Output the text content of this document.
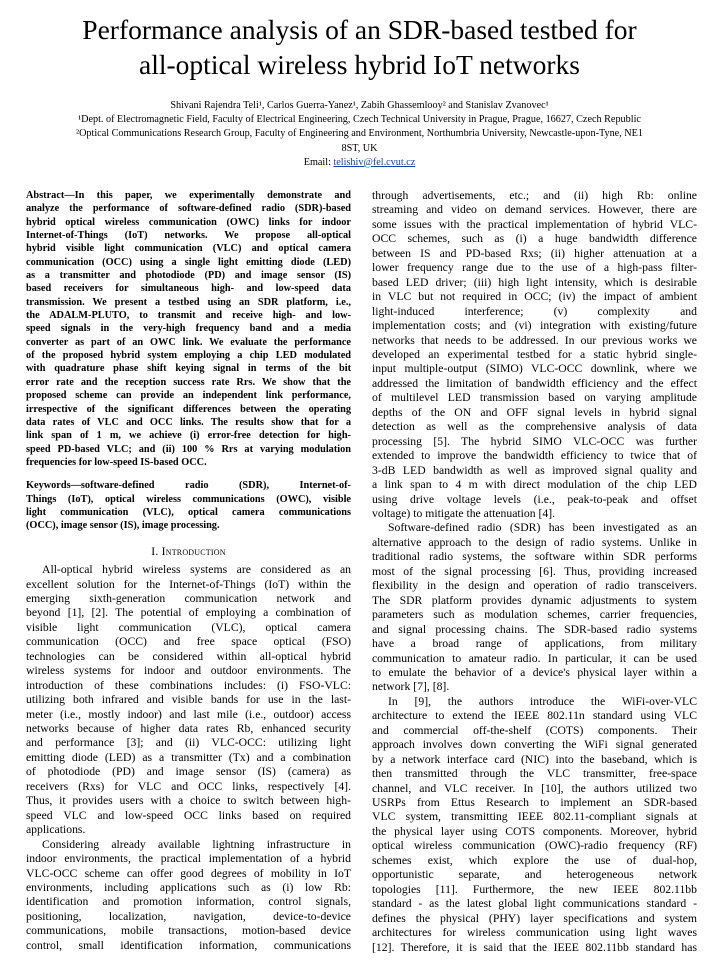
Performance analysis of an SDR-based testbed for
all-optical wireless hybrid IoT networks
Shivani Rajendra Teli¹, Carlos Guerra-Yanez¹, Zabih Ghassemlooy² and Stanislav Zvanovec¹
¹Dept. of Electromagnetic Field, Faculty of Electrical Engineering, Czech Technical University in Prague, Prague, 16627, Czech Republic
²Optical Communications Research Group, Faculty of Engineering and Environment, Northumbria University, Newcastle-upon-Tyne, NE1
8ST, UK
Email: telishiv@fel.cvut.cz
Abstract—In this paper, we experimentally demonstrate and
analyze the performance of software-defined radio (SDR)-based
hybrid optical wireless communication (OWC) links for indoor
Internet-of-Things (IoT) networks. We propose all-optical
hybrid visible light communication (VLC) and optical camera
communication (OCC) using a single light emitting diode (LED)
as a transmitter and photodiode (PD) and image sensor (IS)
based receivers for simultaneous high- and low-speed data
transmission. We present a testbed using an SDR platform, i.e.,
the ADALM-PLUTO, to transmit and receive high- and low-
speed signals in the very-high frequency band and a media
converter as part of an OWC link. We evaluate the performance
of the proposed hybrid system employing a chip LED modulated
with quadrature phase shift keying signal in terms of the bit
error rate and the reception success rate Rrs. We show that the
proposed scheme can provide an independent link performance,
irrespective of the significant differences between the operating
data rates of VLC and OCC links. The results show that for a
link span of 1 m, we achieve (i) error-free detection for high-
speed PD-based VLC; and (ii) 100 % Rrs at varying modulation
frequencies for low-speed IS-based OCC.
Keywords—software-defined radio (SDR), Internet-of-
Things (IoT), optical wireless communications (OWC), visible
light communication (VLC), optical camera communications
(OCC), image sensor (IS), image processing.
I. Introduction
All-optical hybrid wireless systems are considered as an
excellent solution for the Internet-of-Things (IoT) within the
emerging sixth-generation communication network and
beyond [1], [2]. The potential of employing a combination of
visible light communication (VLC), optical camera
communication (OCC) and free space optical (FSO)
technologies can be considered within all-optical hybrid
wireless systems for indoor and outdoor environments. The
introduction of these combinations includes: (i) FSO-VLC:
utilizing both infrared and visible bands for use in the last-
meter (i.e., mostly indoor) and last mile (i.e., outdoor) access
networks because of higher data rates Rb, enhanced security
and performance [3]; and (ii) VLC-OCC: utilizing light
emitting diode (LED) as a transmitter (Tx) and a combination
of photodiode (PD) and image sensor (IS) (camera) as
receivers (Rxs) for VLC and OCC links, respectively [4].
Thus, it provides users with a choice to switch between high-
speed VLC and low-speed OCC links based on required
applications.
Considering already available lightning infrastructure in
indoor environments, the practical implementation of a hybrid
VLC-OCC scheme can offer good degrees of mobility in IoT
environments, including applications such as (i) low Rb:
identification and promotion information, control signals,
positioning, localization, navigation, device-to-device
communications, mobile transactions, motion-based device
control, small identification information, communications
through advertisements, etc.; and (ii) high Rb: online
streaming and video on demand services. However, there are
some issues with the practical implementation of hybrid VLC-
OCC schemes, such as (i) a huge bandwidth difference
between IS and PD-based Rxs; (ii) higher attenuation at a
lower frequency range due to the use of a high-pass filter-
based LED driver; (iii) high light intensity, which is desirable
in VLC but not required in OCC; (iv) the impact of ambient
light-induced interference; (v) complexity and
implementation costs; and (vi) integration with existing/future
networks that needs to be addressed. In our previous works we
developed an experimental testbed for a static hybrid single-
input multiple-output (SIMO) VLC-OCC downlink, where we
addressed the limitation of bandwidth efficiency and the effect
of multilevel LED transmission based on varying amplitude
depths of the ON and OFF signal levels in hybrid signal
detection as well as the comprehensive analysis of data
processing [5]. The hybrid SIMO VLC-OCC was further
extended to improve the bandwidth efficiency to twice that of
3-dB LED bandwidth as well as improved signal quality and
a link span to 4 m with direct modulation of the chip LED
using drive voltage levels (i.e., peak-to-peak and offset
voltage) to mitigate the attenuation [4].
Software-defined radio (SDR) has been investigated as an
alternative approach to the design of radio systems. Unlike in
traditional radio systems, the software within SDR performs
most of the signal processing [6]. Thus, providing increased
flexibility in the design and operation of radio transceivers.
The SDR platform provides dynamic adjustments to system
parameters such as modulation schemes, carrier frequencies,
and signal processing chains. The SDR-based radio systems
have a broad range of applications, from military
communication to amateur radio. In particular, it can be used
to emulate the behavior of a device's physical layer within a
network [7], [8].
In [9], the authors introduce the WiFi-over-VLC
architecture to extend the IEEE 802.11n standard using VLC
and commercial off-the-shelf (COTS) components. Their
approach involves down converting the WiFi signal generated
by a network interface card (NIC) into the baseband, which is
then transmitted through the VLC transmitter, free-space
channel, and VLC receiver. In [10], the authors utilized two
USRPs from Ettus Research to implement an SDR-based
VLC system, transmitting IEEE 802.11-compliant signals at
the physical layer using COTS components. Moreover, hybrid
optical wireless communication (OWC)-radio frequency (RF)
schemes exist, which explore the use of dual-hop,
opportunistic separate, and heterogeneous network
topologies [11]. Furthermore, the new IEEE 802.11bb
standard - as the latest global light communications standard -
defines the physical (PHY) layer specifications and system
architectures for wireless communication using light waves
[12]. Therefore, it is said that the IEEE 802.11bb standard has
